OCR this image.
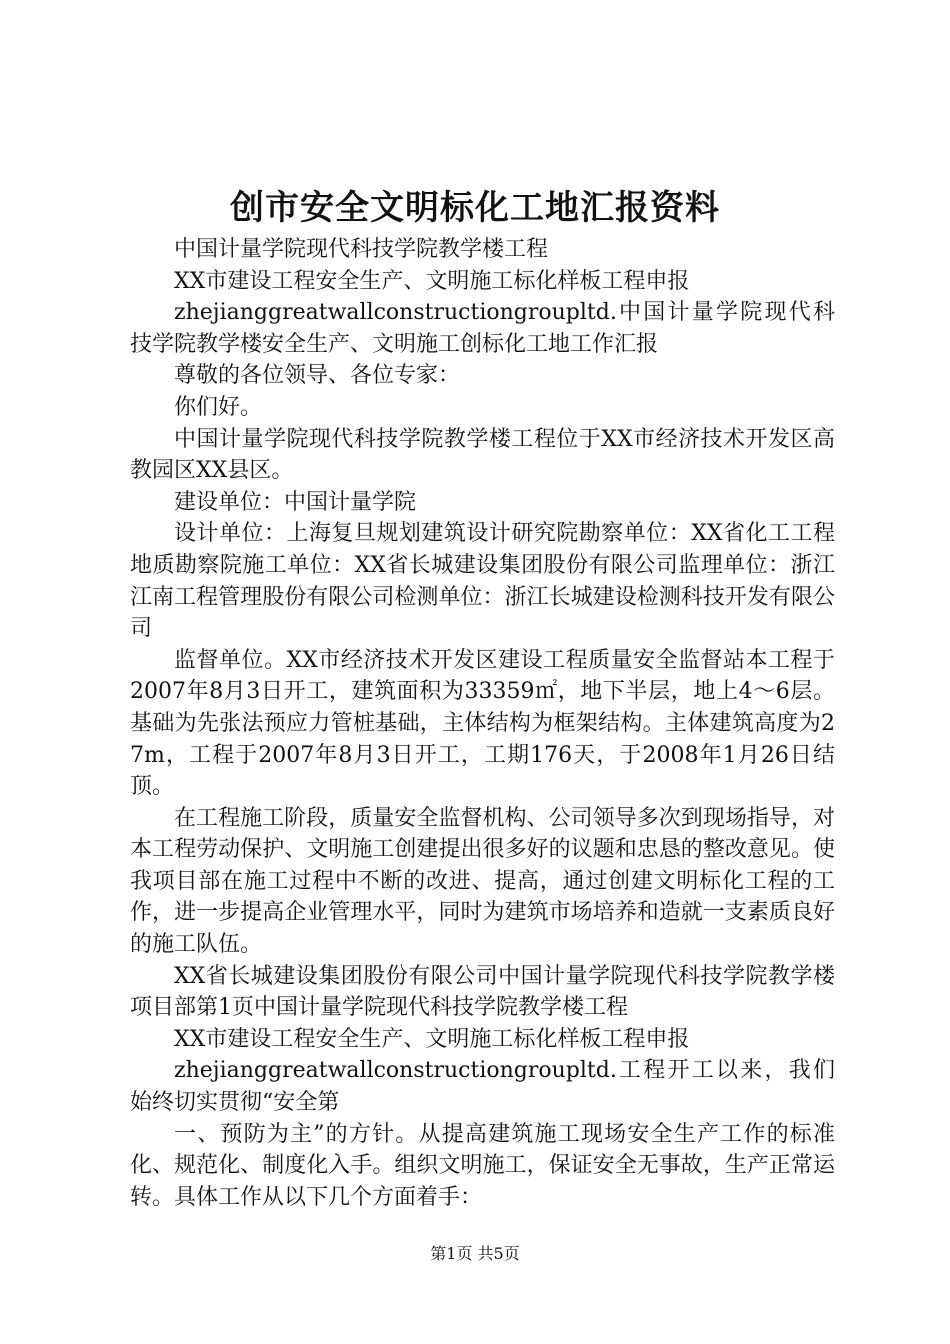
创市安全文明标化工地汇报资料

中国计量学院现代科技学院教学楼工程

XX市建设工程安全生产、文明施工标化样板工程申报

zhejianggreatwallconstructiongroupltd.中国计量学院现代科技学院教学楼安全生产、文明施工创标化工地工作汇报

尊敬的各位领导、各位专家：

你们好。

中国计量学院现代科技学院教学楼工程位于XX市经济技术开发区高教园区XX县区。

建设单位：中国计量学院

设计单位：上海复旦规划建筑设计研究院勘察单位：XX省化工工程地质勘察院施工单位：XX省长城建设集团股份有限公司监理单位：浙江江南工程管理股份有限公司检测单位：浙江长城建设检测科技开发有限公司

监督单位。XX市经济技术开发区建设工程质量安全监督站本工程于2007年8月3日开工，建筑面积为33359㎡，地下半层，地上4～6层。基础为先张法预应力管桩基础，主体结构为框架结构。主体建筑高度为27m，工程于2007年8月3日开工，工期176天，于2008年1月26日结顶。

在工程施工阶段，质量安全监督机构、公司领导多次到现场指导，对本工程劳动保护、文明施工创建提出很多好的议题和忠恳的整改意见。使我项目部在施工过程中不断的改进、提高，通过创建文明标化工程的工作，进一步提高企业管理水平，同时为建筑市场培养和造就一支素质良好的施工队伍。

XX省长城建设集团股份有限公司中国计量学院现代科技学院教学楼项目部第1页中国计量学院现代科技学院教学楼工程

XX市建设工程安全生产、文明施工标化样板工程申报

zhejianggreatwallconstructiongroupltd.工程开工以来，我们始终切实贯彻“安全第

一、预防为主”的方针。从提高建筑施工现场安全生产工作的标准化、规范化、制度化入手。组织文明施工，保证安全无事故，生产正常运转。具体工作从以下几个方面着手：

第1页 共5页
